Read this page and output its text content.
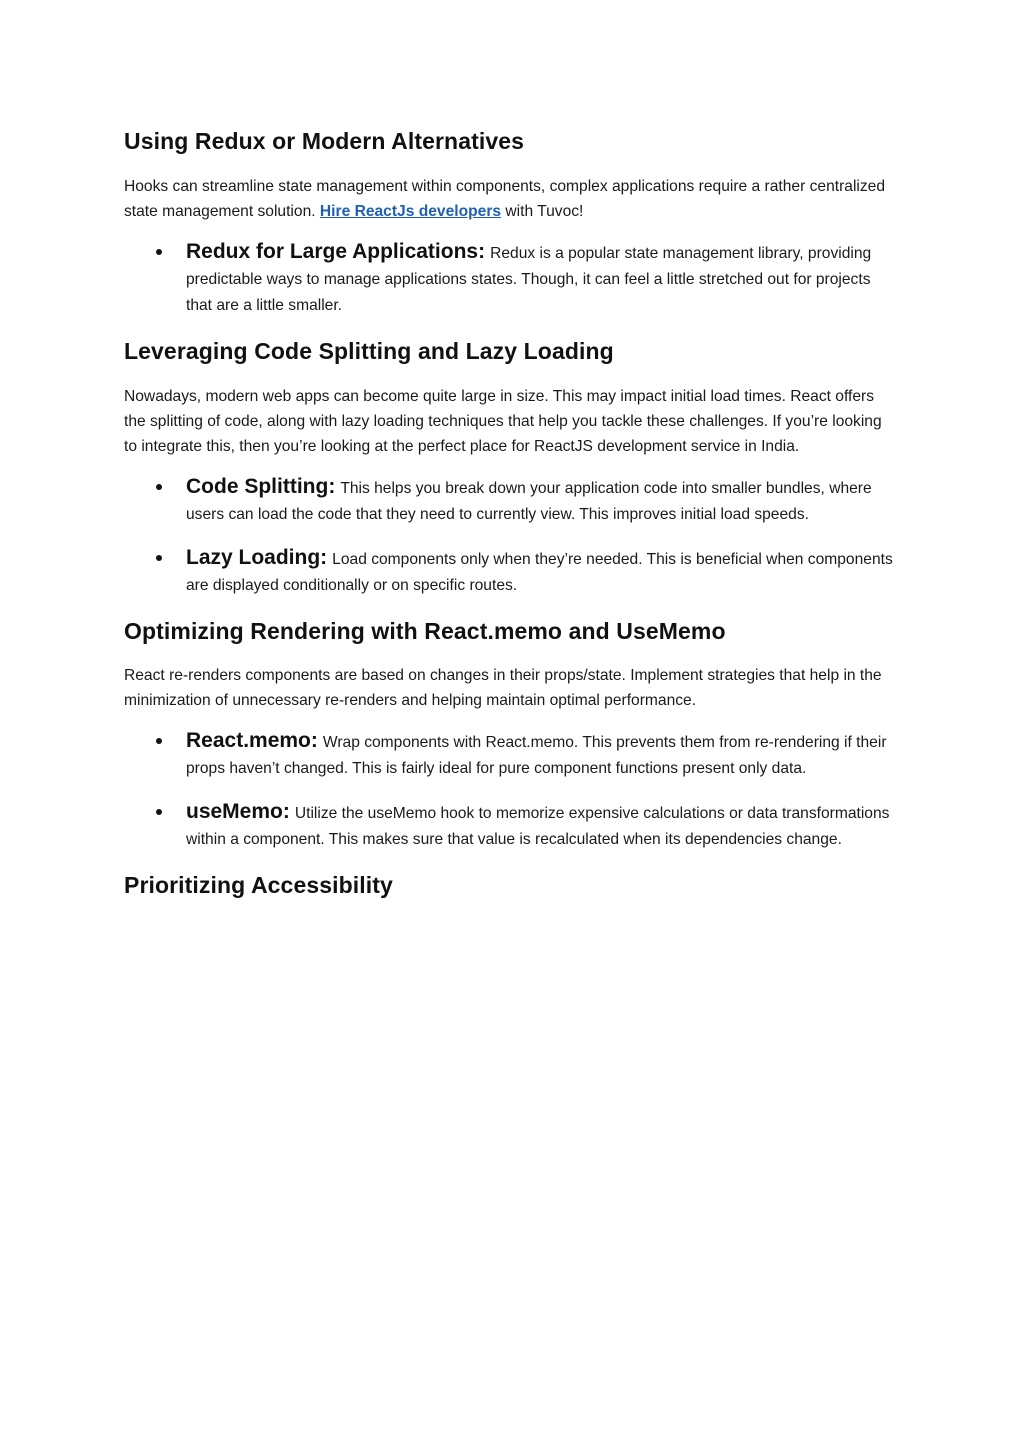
Using Redux or Modern Alternatives

Hooks can streamline state management within components, complex applications require a rather centralized state management solution. Hire ReactJs developers with Tuvoc!

Redux for Large Applications: Redux is a popular state management library, providing predictable ways to manage applications states. Though, it can feel a little stretched out for projects that are a little smaller.
Leveraging Code Splitting and Lazy Loading

Nowadays, modern web apps can become quite large in size. This may impact initial load times. React offers the splitting of code, along with lazy loading techniques that help you tackle these challenges. If you’re looking to integrate this, then you’re looking at the perfect place for ReactJS development service in India.

Code Splitting: This helps you break down your application code into smaller bundles, where users can load the code that they need to currently view. This improves initial load speeds.
Lazy Loading: Load components only when they’re needed. This is beneficial when components are displayed conditionally or on specific routes.
Optimizing Rendering with React.memo and UseMemo

React re-renders components are based on changes in their props/state. Implement strategies that help in the minimization of unnecessary re-renders and helping maintain optimal performance.

React.memo: Wrap components with React.memo. This prevents them from re-rendering if their props haven’t changed. This is fairly ideal for pure component functions present only data.
useMemo: Utilize the useMemo hook to memorize expensive calculations or data transformations within a component. This makes sure that value is recalculated when its dependencies change.
Prioritizing Accessibility
